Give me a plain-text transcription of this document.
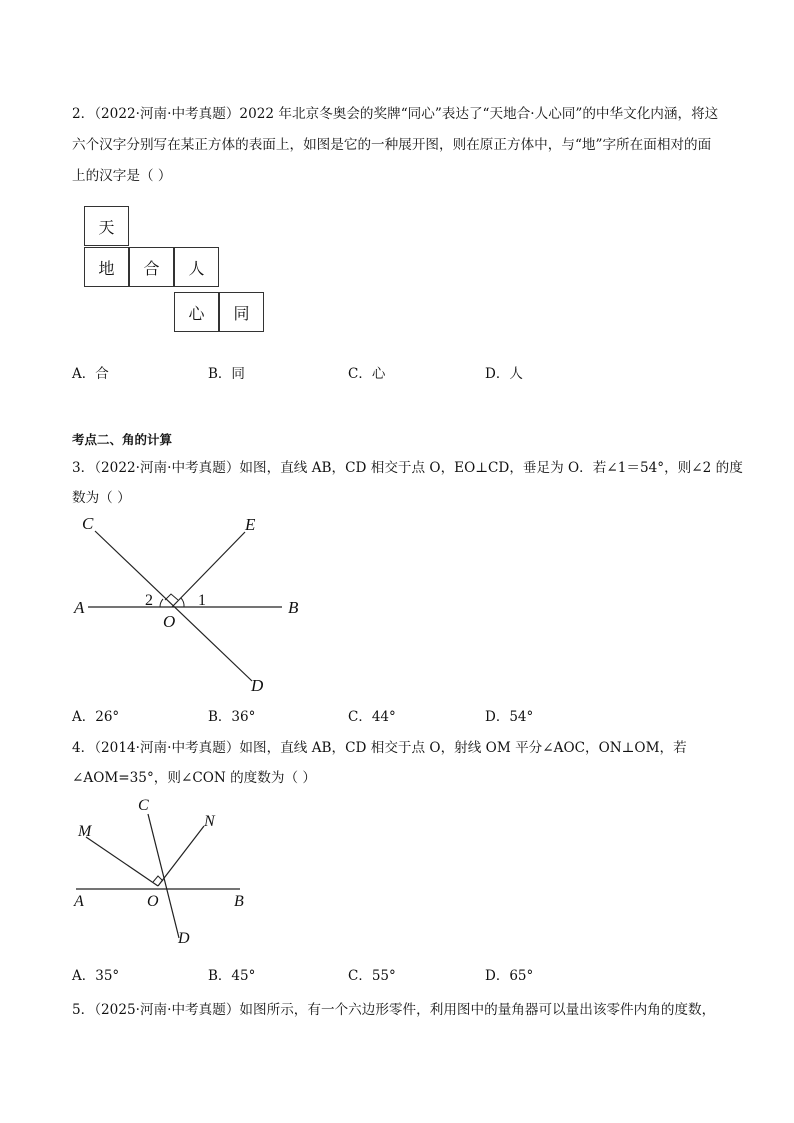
2．（2022·河南·中考真题）2022 年北京冬奥会的奖牌“同心”表达了“天地合·人心同”的中华文化内涵，将这
六个汉字分别写在某正方体的表面上，如图是它的一种展开图，则在原正方体中，与“地”字所在面相对的面
上的汉字是（ ）
天
地	合	人
心	同
A．合	B．同	C．心	D．人
考点二、角的计算
3．（2022·河南·中考真题）如图，直线 AB，CD 相交于点 O，EO⊥CD，垂足为 O．若∠1＝54°，则∠2 的度
数为（ ）
C	E
A	B
O
D
2	1
A．26°	B．36°	C．44°	D．54°
4．（2014·河南·中考真题）如图，直线 AB，CD 相交于点 O，射线 OM 平分∠AOC，ON⊥OM，若
∠AOM=35°，则∠CON 的度数为（ ）
M
C
N
A	O	B
D
A．35°	B．45°	C．55°	D．65°
5．（2025·河南·中考真题）如图所示，有一个六边形零件，利用图中的量角器可以量出该零件内角的度数，
